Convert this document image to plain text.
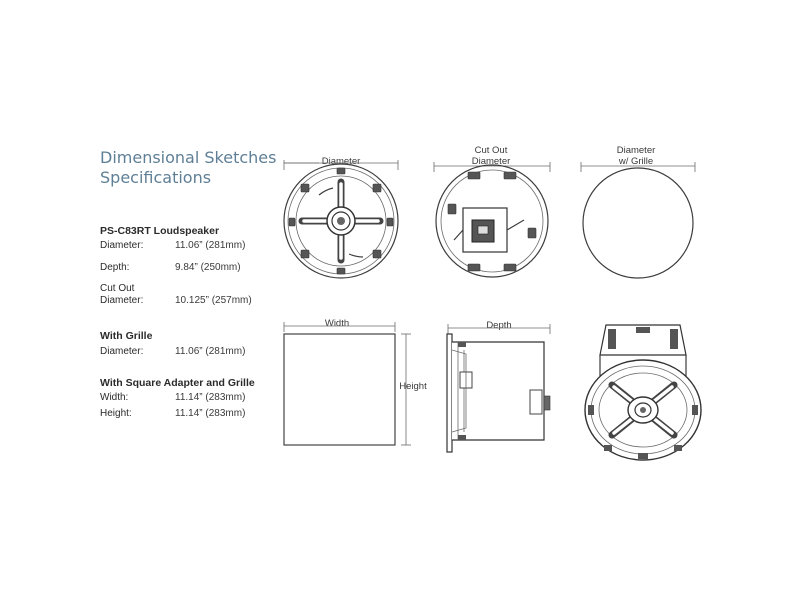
Dimensional Sketches
Specifications
PS-C83RT Loudspeaker
Diameter:	11.06” (281mm)
Depth:	9.84” (250mm)
Cut Out
Diameter:	10.125” (257mm)
With Grille
Diameter:	11.06” (281mm)
With Square Adapter and Grille
Width:	11.14” (283mm)
Height:	11.14” (283mm)
Diameter
Cut Out
Diameter
Diameter
w/ Grille
Width
Height
Depth
